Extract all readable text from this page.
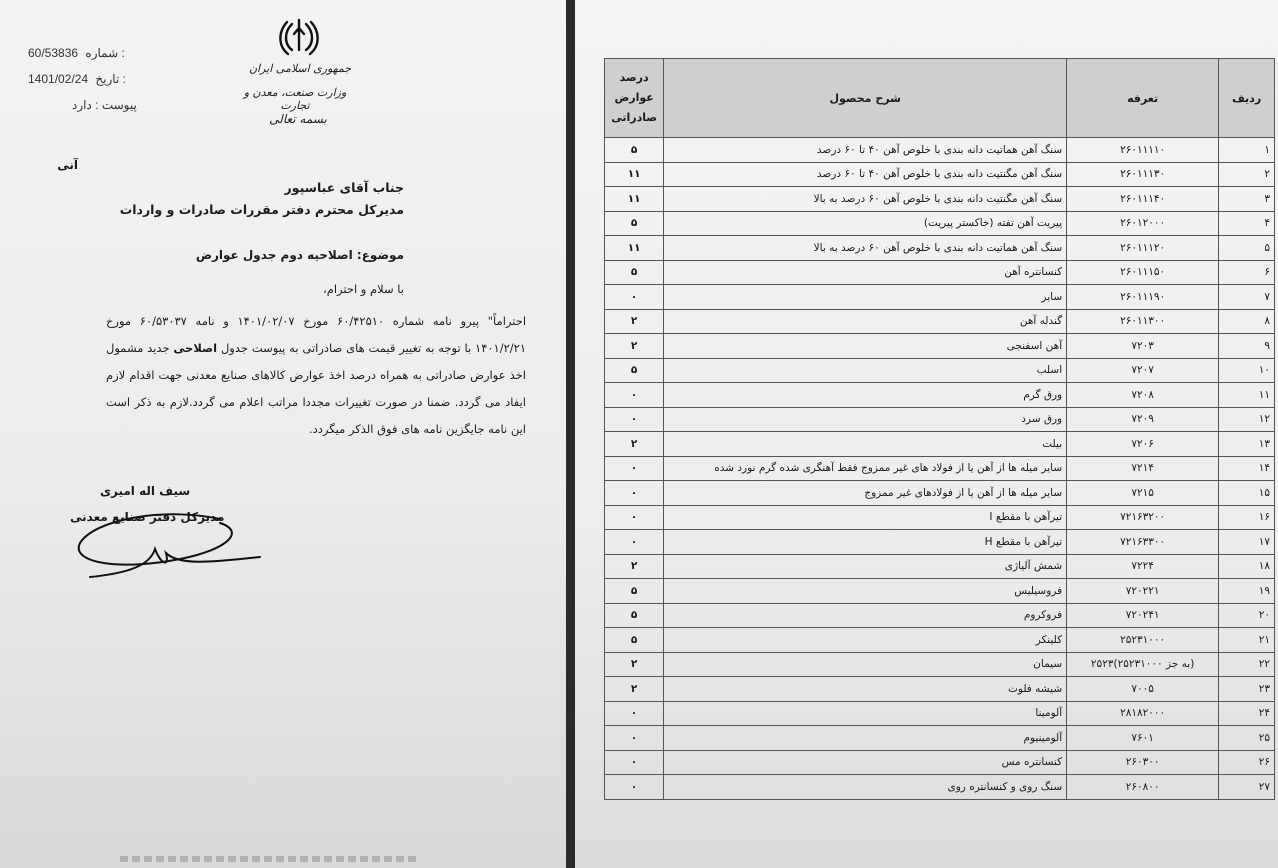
جمهوری اسلامی ایران
وزارت صنعت، معدن و تجارت
بسمه تعالی
60/53836 شماره :
1401/02/24 تاریخ :
پیوست : دارد
آنی
جناب آقای عباسپور
مدیرکل محترم دفتر مقررات صادرات و واردات
موضوع: اصلاحیه دوم جدول عوارض
با سلام و احترام،
احتراماً" پیرو نامه شماره ۶۰/۴۲۵۱۰ مورخ ۱۴۰۱/۰۲/۰۷ و نامه ۶۰/۵۳۰۳۷ مورخ ۱۴۰۱/۲/۲۱ با توجه به تغییر قیمت های صادراتی به پیوست جدول اصلاحی جدید مشمول اخذ عوارض صادراتی به همراه درصد اخذ عوارض کالاهای صنایع معدنی جهت اقدام لازم ایفاد می گردد. ضمنا در صورت تغییرات مجددا مراتب اعلام می گردد.لازم به ذکر است این نامه جایگزین نامه های فوق الذکر میگردد.
سیف اله امیری
مدیرکل دفتر صنایع معدنی
ردیف	تعرفه	شرح محصول	درصد عوارض صادراتی
۱	۲۶۰۱۱۱۱۰	سنگ آهن هماتیت دانه بندی با خلوص آهن ۴۰ تا ۶۰ درصد	۵
۲	۲۶۰۱۱۱۳۰	سنگ آهن مگنتیت دانه بندی با خلوص آهن ۴۰ تا ۶۰ درصد	۱۱
۳	۲۶۰۱۱۱۴۰	سنگ آهن مگنتیت دانه بندی با خلوص آهن ۶۰ درصد به بالا	۱۱
۴	۲۶۰۱۲۰۰۰	پیریت آهن تفته (خاکستر پیریت)	۵
۵	۲۶۰۱۱۱۲۰	سنگ آهن هماتیت دانه بندی با خلوص آهن ۶۰ درصد به بالا	۱۱
۶	۲۶۰۱۱۱۵۰	کنسانتره آهن	۵
۷	۲۶۰۱۱۱۹۰	سایر	۰
۸	۲۶۰۱۱۳۰۰	گندله آهن	۲
۹	۷۲۰۳	آهن اسفنجی	۲
۱۰	۷۲۰۷	اسلب	۵
۱۱	۷۲۰۸	ورق گرم	۰
۱۲	۷۲۰۹	ورق سرد	۰
۱۳	۷۲۰۶	بیلت	۲
۱۴	۷۲۱۴	سایر میله ها از آهن یا از فولاد های غیر ممزوج فقط آهنگری شده گرم نورد شده	۰
۱۵	۷۲۱۵	سایر میله ها از آهن یا از فولادهای غیر ممزوج	۰
۱۶	۷۲۱۶۳۲۰۰	تیرآهن با مقطع I	۰
۱۷	۷۲۱۶۳۳۰۰	تیرآهن با مقطع H	۰
۱۸	۷۲۲۴	شمش آلیاژی	۲
۱۹	۷۲۰۲۲۱	فروسیلیس	۵
۲۰	۷۲۰۲۴۱	فروکروم	۵
۲۱	۲۵۲۳۱۰۰۰	کلینکر	۵
۲۲	۲۵۲۳(به جز ۲۵۲۳۱۰۰۰)	سیمان	۲
۲۳	۷۰۰۵	شیشه فلوت	۲
۲۴	۲۸۱۸۲۰۰۰	آلومینا	۰
۲۵	۷۶۰۱	آلومینیوم	۰
۲۶	۲۶۰۳۰۰	کنسانتره مس	۰
۲۷	۲۶۰۸۰۰	سنگ روی و کنسانتره روی	۰
